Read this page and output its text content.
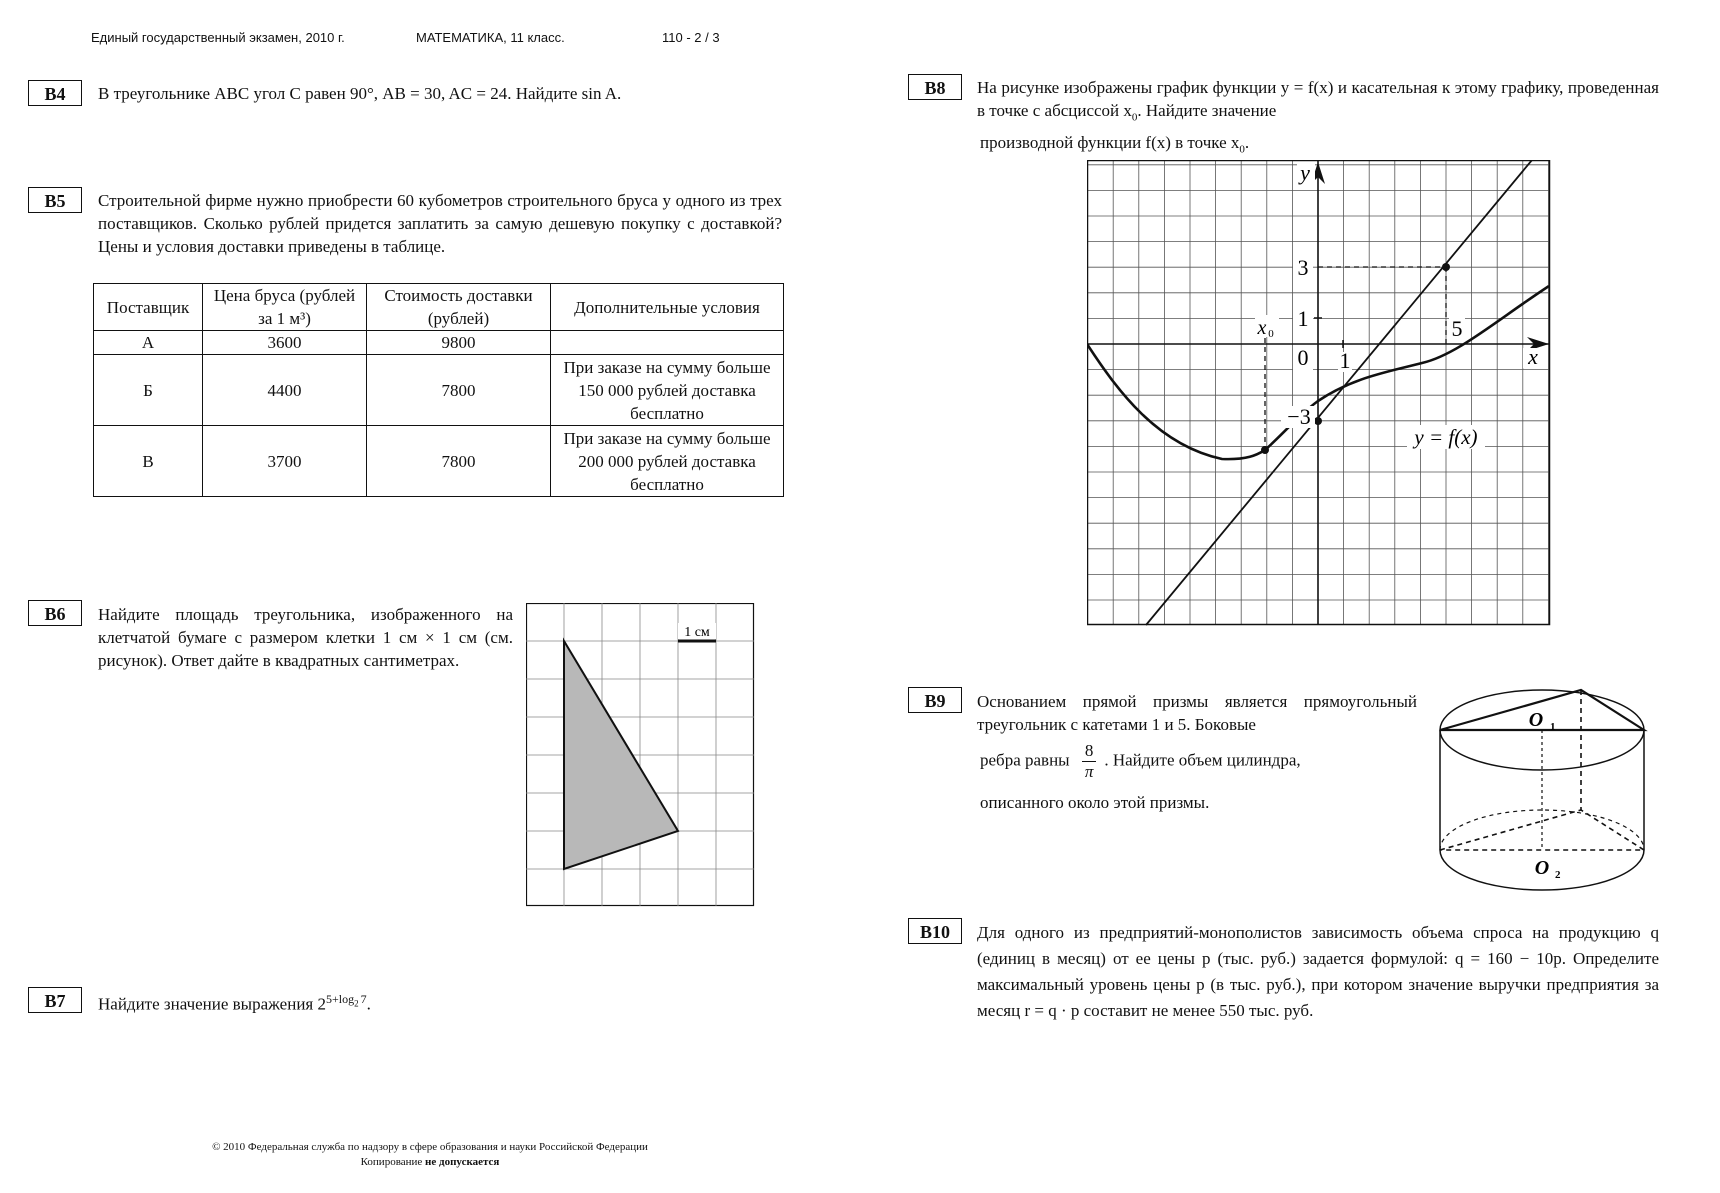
Единый государственный экзамен, 2010 г.	МАТЕМАТИКА, 11 класс.	110 - 2 / 3
B4	В треугольнике ABC угол C равен 90°, AB = 30, AC = 24. Найдите sin A.
B5	Строительной фирме нужно приобрести 60 кубометров строительного бруса у одного из трех поставщиков. Сколько рублей придется заплатить за самую дешевую покупку с доставкой? Цены и условия доставки приведены в таблице.
Поставщик	Цена бруса (рублей за 1 м³)	Стоимость доставки (рублей)	Дополнительные условия
А	3600	9800	
Б	4400	7800	При заказе на сумму больше 150 000 рублей доставка бесплатно
В	3700	7800	При заказе на сумму больше 200 000 рублей доставка бесплатно
B6	Найдите площадь треугольника, изображенного на клетчатой бумаге с размером клетки 1 см × 1 см (см. рисунок). Ответ дайте в квадратных сантиметрах.
1 см
B7	Найдите значение выражения $2^{5+log_2 7}$.
B8	На рисунке изображены график функции y = f(x) и касательная к этому графику, проведенная в точке с абсциссой $x_0$. Найдите значение
производной функции f(x) в точке $x_0$.
y
x
0 1
1
3
−3
5
x 0
y = f(x)
B9	Основанием прямой призмы является прямоугольный треугольник с катетами 1 и 5. Боковые
ребра равны $\frac{8}{\pi}$ . Найдите объем цилиндра,
описанного около этой призмы.
O 1
O 2
B10	Для одного из предприятий-монополистов зависимость объема спроса на продукцию q (единиц в месяц) от ее цены p (тыс. руб.) задается формулой: q = 160 − 10p. Определите максимальный уровень цены p (в тыс. руб.), при котором значение выручки предприятия за месяц r = q · p составит не менее 550 тыс. руб.
© 2010 Федеральная служба по надзору в сфере образования и науки Российской Федерации
Копирование не допускается
